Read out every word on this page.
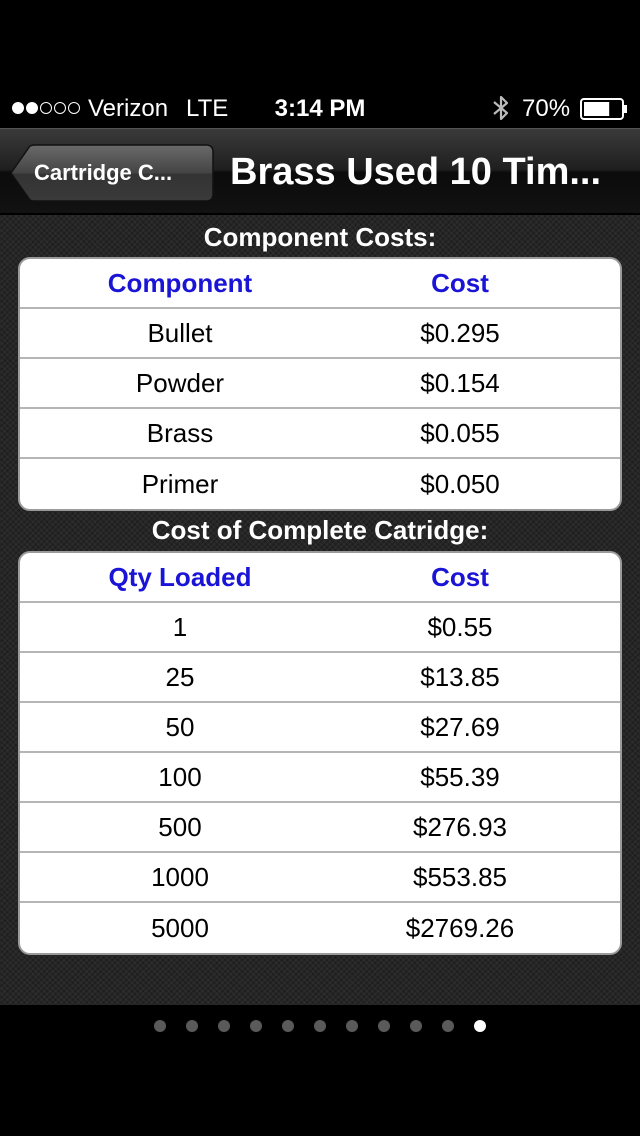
Verizon LTE	3:14 PM	70%
Cartridge C...	Brass Used 10 Tim...
Component Costs:
Component	Cost
Bullet	$0.295
Powder	$0.154
Brass	$0.055
Primer	$0.050
Cost of Complete Catridge:
Qty Loaded	Cost
1	$0.55
25	$13.85
50	$27.69
100	$55.39
500	$276.93
1000	$553.85
5000	$2769.26
